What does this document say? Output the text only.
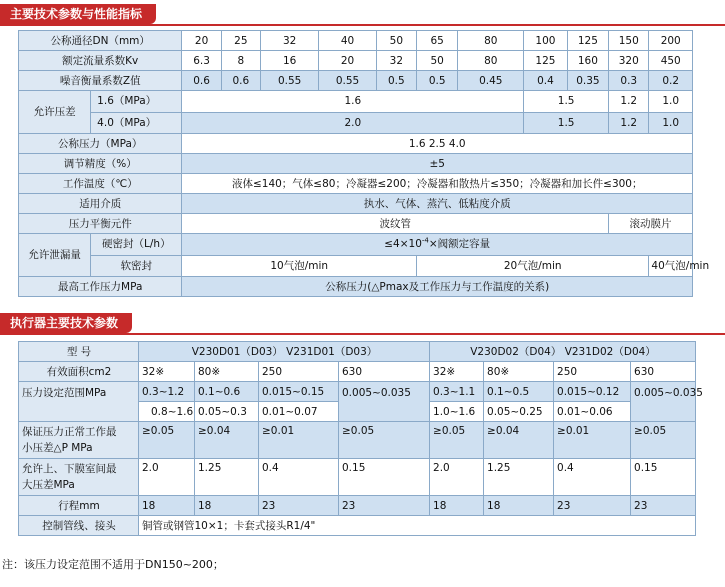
主要技术参数与性能指标
公称通径DN（mm）		20	25	32	40	50	65	80	100	125	150	200
额定流量系数Kv		6.3	8	16	20	32	50	80	125	160	320	450
噪音衡量系数Z值		0.6	0.6	0.55	0.55	0.5	0.5	0.45	0.4	0.35	0.3	0.2
允许压差	1.6（MPa）	1.6							1.5		1.2	1.0
	4.0（MPa）	2.0							1.5		1.2	1.0
公称压力（MPa）		1.6 2.5 4.0										
调节精度（%）		±5										
工作温度（℃）		液体≤140；气体≤80；冷凝器≤200；冷凝器和散热片≤350；冷凝器和加长件≤300；										
适用介质		执水、气体、蒸汽、低粘度介质										
压力平衡元件		波纹管									滚动膜片	
允许泄漏量	硬密封（L/h）	$\le 4\times 10^{-4}\times$阀额定容量										
	软密封	10气泡/min					20气泡/min					40气泡/min
最高工作压力MPa		公称压力(△Pmax及工作压力与工作温度的关系)										
执行器主要技术参数
型 号	V230D01（D03） V231D01（D03）				V230D02（D04） V231D02（D04）			
有效面积cm2	32※	80※	250	630	32※	80※	250	630
压力设定范围MPa	0.3~1.2	0.1~0.6	0.015~0.15	0.005~0.035	0.3~1.1	0.1~0.5	0.015~0.12	0.005~0.035
	0.8~1.6	0.05~0.3	0.01~0.07		1.0~1.6	0.05~0.25	0.01~0.06	
保证压力正常工作最
小压差△P MPa	≥0.05	≥0.04	≥0.01	≥0.05	≥0.05	≥0.04	≥0.01	≥0.05
允许上、下膜室间最
大压差MPa	2.0	1.25	0.4	0.15	2.0	1.25	0.4	0.15
行程mm	18	18	23	23	18	18	23	23
控制管线、接头	铜管或钢管10×1；卡套式接头R1/4"							
注：该压力设定范围不适用于DN150~200；
